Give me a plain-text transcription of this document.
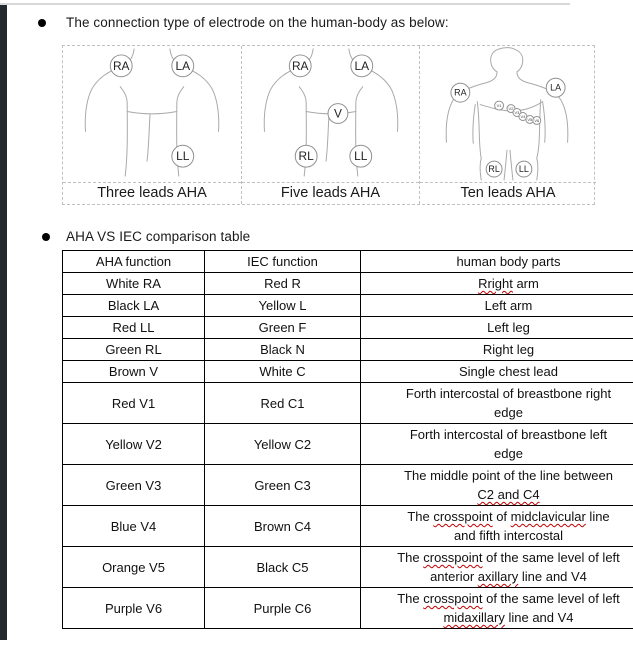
The connection type of electrode on the human-body as below:
RA	LA
LL
Three leads AHA
RA	LA
V
RL	LL
Five leads AHA
RA	LA
V1
V2
V3
V4
V5 V6
RL LL
Ten leads AHA
AHA VS IEC comparison table
AHA function	IEC function	human body parts
White RA	Red R	Rright arm
Black LA	Yellow L	Left arm
Red LL	Green F	Left leg
Green RL	Black N	Right leg
Brown V	White C	Single chest lead
Red V1	Red C1	Forth intercostal of breastbone right
edge
Yellow V2	Yellow C2	Forth intercostal of breastbone left
edge
Green V3	Green C3	The middle point of the line between
C2 and C4
Blue V4	Brown C4	The crosspoint of midclavicular line
and fifth intercostal
Orange V5	Black C5	The crosspoint of the same level of left
anterior axillary line and V4
Purple V6	Purple C6	The crosspoint of the same level of left
midaxillary line and V4
